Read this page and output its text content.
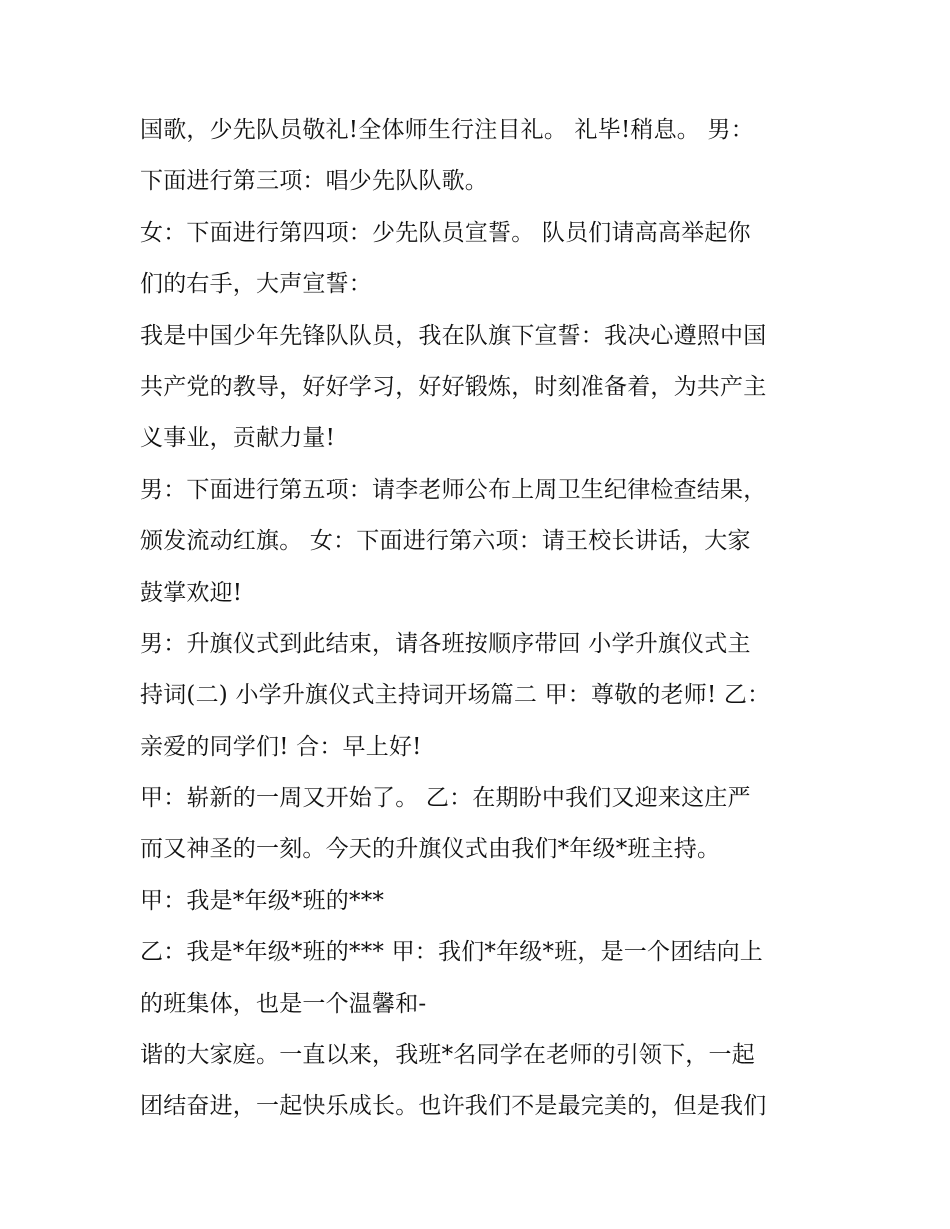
国歌，少先队员敬礼!全体师生行注目礼。 礼毕!稍息。 男：
下面进行第三项：唱少先队队歌。
女：下面进行第四项：少先队员宣誓。 队员们请高高举起你
们的右手，大声宣誓：
我是中国少年先锋队队员，我在队旗下宣誓：我决心遵照中国
共产党的教导，好好学习，好好锻炼，时刻准备着，为共产主
义事业，贡献力量!
男：下面进行第五项：请李老师公布上周卫生纪律检查结果，
颁发流动红旗。 女：下面进行第六项：请王校长讲话，大家
鼓掌欢迎!
男：升旗仪式到此结束，请各班按顺序带回 小学升旗仪式主
持词(二) 小学升旗仪式主持词开场篇二 甲：尊敬的老师! 乙：
亲爱的同学们! 合：早上好!
甲：崭新的一周又开始了。 乙：在期盼中我们又迎来这庄严
而又神圣的一刻。今天的升旗仪式由我们*年级*班主持。
甲：我是*年级*班的***
乙：我是*年级*班的*** 甲：我们*年级*班，是一个团结向上
的班集体，也是一个温馨和-
谐的大家庭。一直以来，我班*名同学在老师的引领下，一起
团结奋进，一起快乐成长。也许我们不是最完美的，但是我们
